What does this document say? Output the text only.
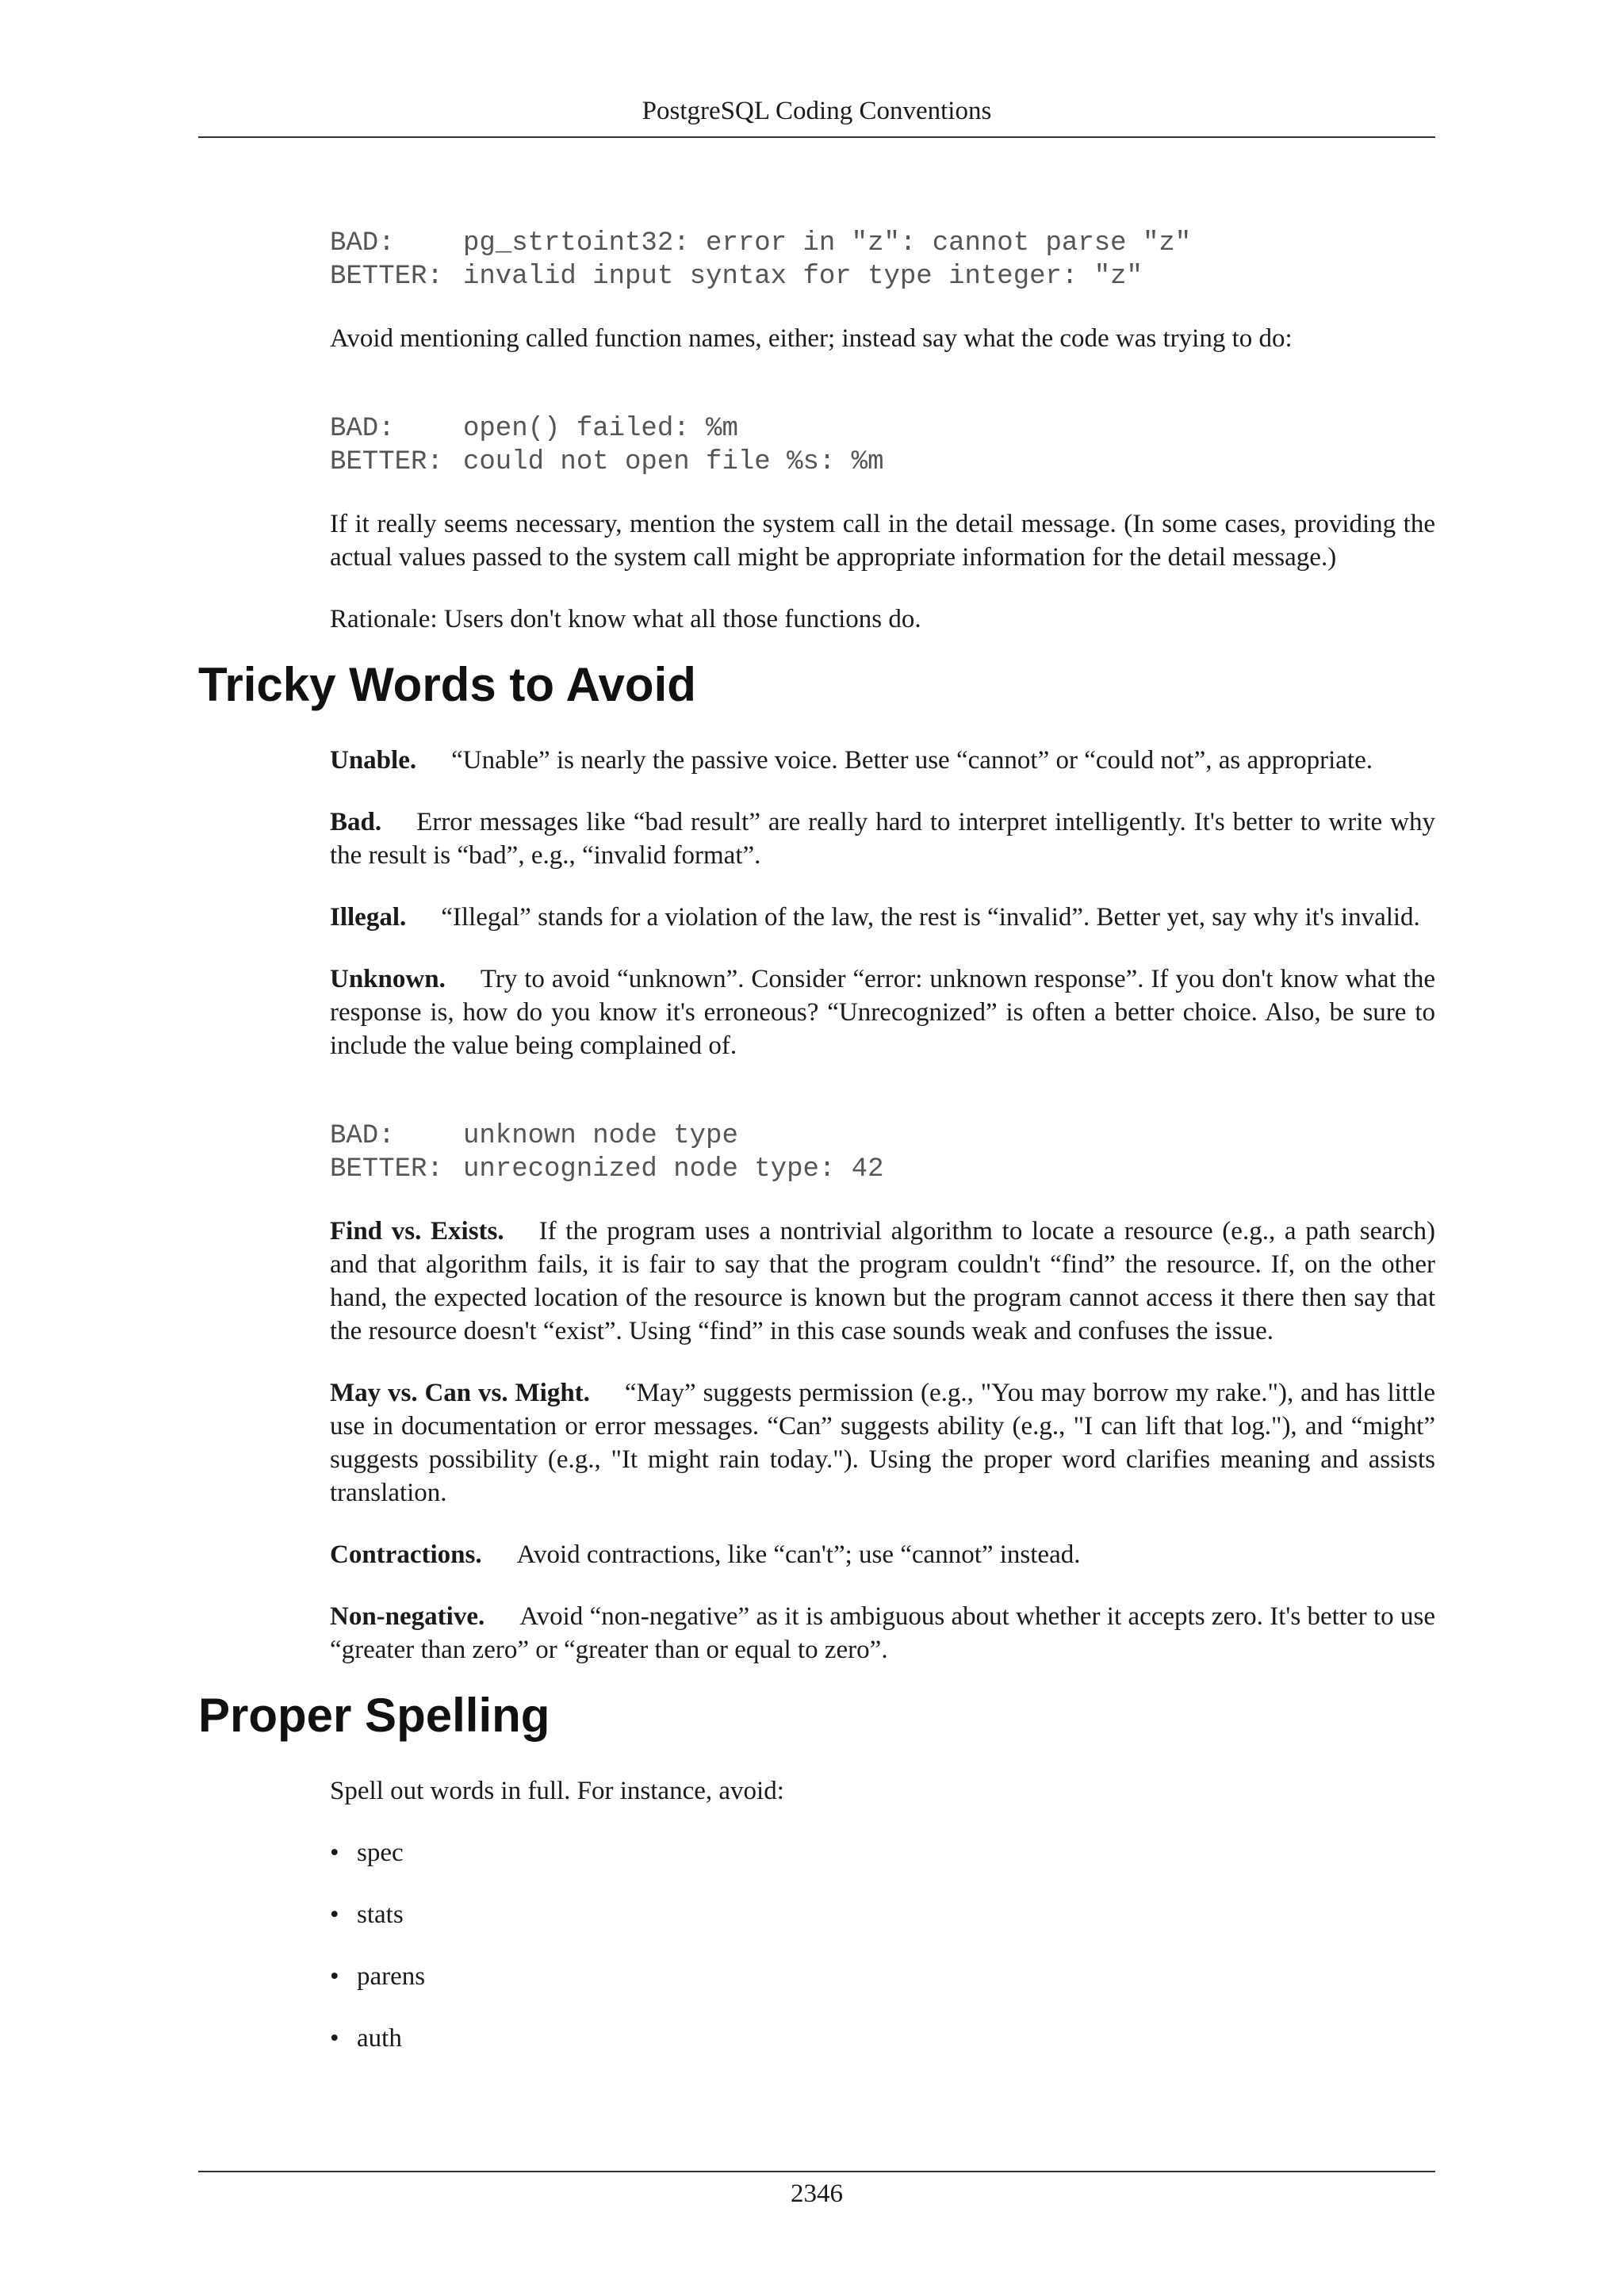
PostgreSQL Coding Conventions
BAD:	pg_strtoint32: error in "z": cannot parse "z"
BETTER: invalid input syntax for type integer: "z"

Avoid mentioning called function names, either; instead say what the code was trying to do:

BAD:	open() failed: %m
BETTER: could not open file %s: %m

If it really seems necessary, mention the system call in the detail message. (In some cases, providing the actual values passed to the system call might be appropriate information for the detail message.)

Rationale: Users don't know what all those functions do.

Tricky Words to Avoid

Unable. “Unable” is nearly the passive voice. Better use “cannot” or “could not”, as appropriate.

Bad. Error messages like “bad result” are really hard to interpret intelligently. It's better to write why the result is “bad”, e.g., “invalid format”.

Illegal. “Illegal” stands for a violation of the law, the rest is “invalid”. Better yet, say why it's invalid.

Unknown. Try to avoid “unknown”. Consider “error: unknown response”. If you don't know what the response is, how do you know it's erroneous? “Unrecognized” is often a better choice. Also, be sure to include the value being complained of.

BAD:	unknown node type
BETTER: unrecognized node type: 42

Find vs. Exists. If the program uses a nontrivial algorithm to locate a resource (e.g., a path search) and that algorithm fails, it is fair to say that the program couldn't “find” the resource. If, on the other hand, the expected location of the resource is known but the program cannot access it there then say that the resource doesn't “exist”. Using “find” in this case sounds weak and confuses the issue.

May vs. Can vs. Might. “May” suggests permission (e.g., "You may borrow my rake."), and has little use in documentation or error messages. “Can” suggests ability (e.g., "I can lift that log."), and “might” suggests possibility (e.g., "It might rain today."). Using the proper word clarifies meaning and assists translation.

Contractions. Avoid contractions, like “can't”; use “cannot” instead.

Non-negative. Avoid “non-negative” as it is ambiguous about whether it accepts zero. It's better to use “greater than zero” or “greater than or equal to zero”.

Proper Spelling

Spell out words in full. For instance, avoid:

• spec
• stats
• parens
• auth
2346
